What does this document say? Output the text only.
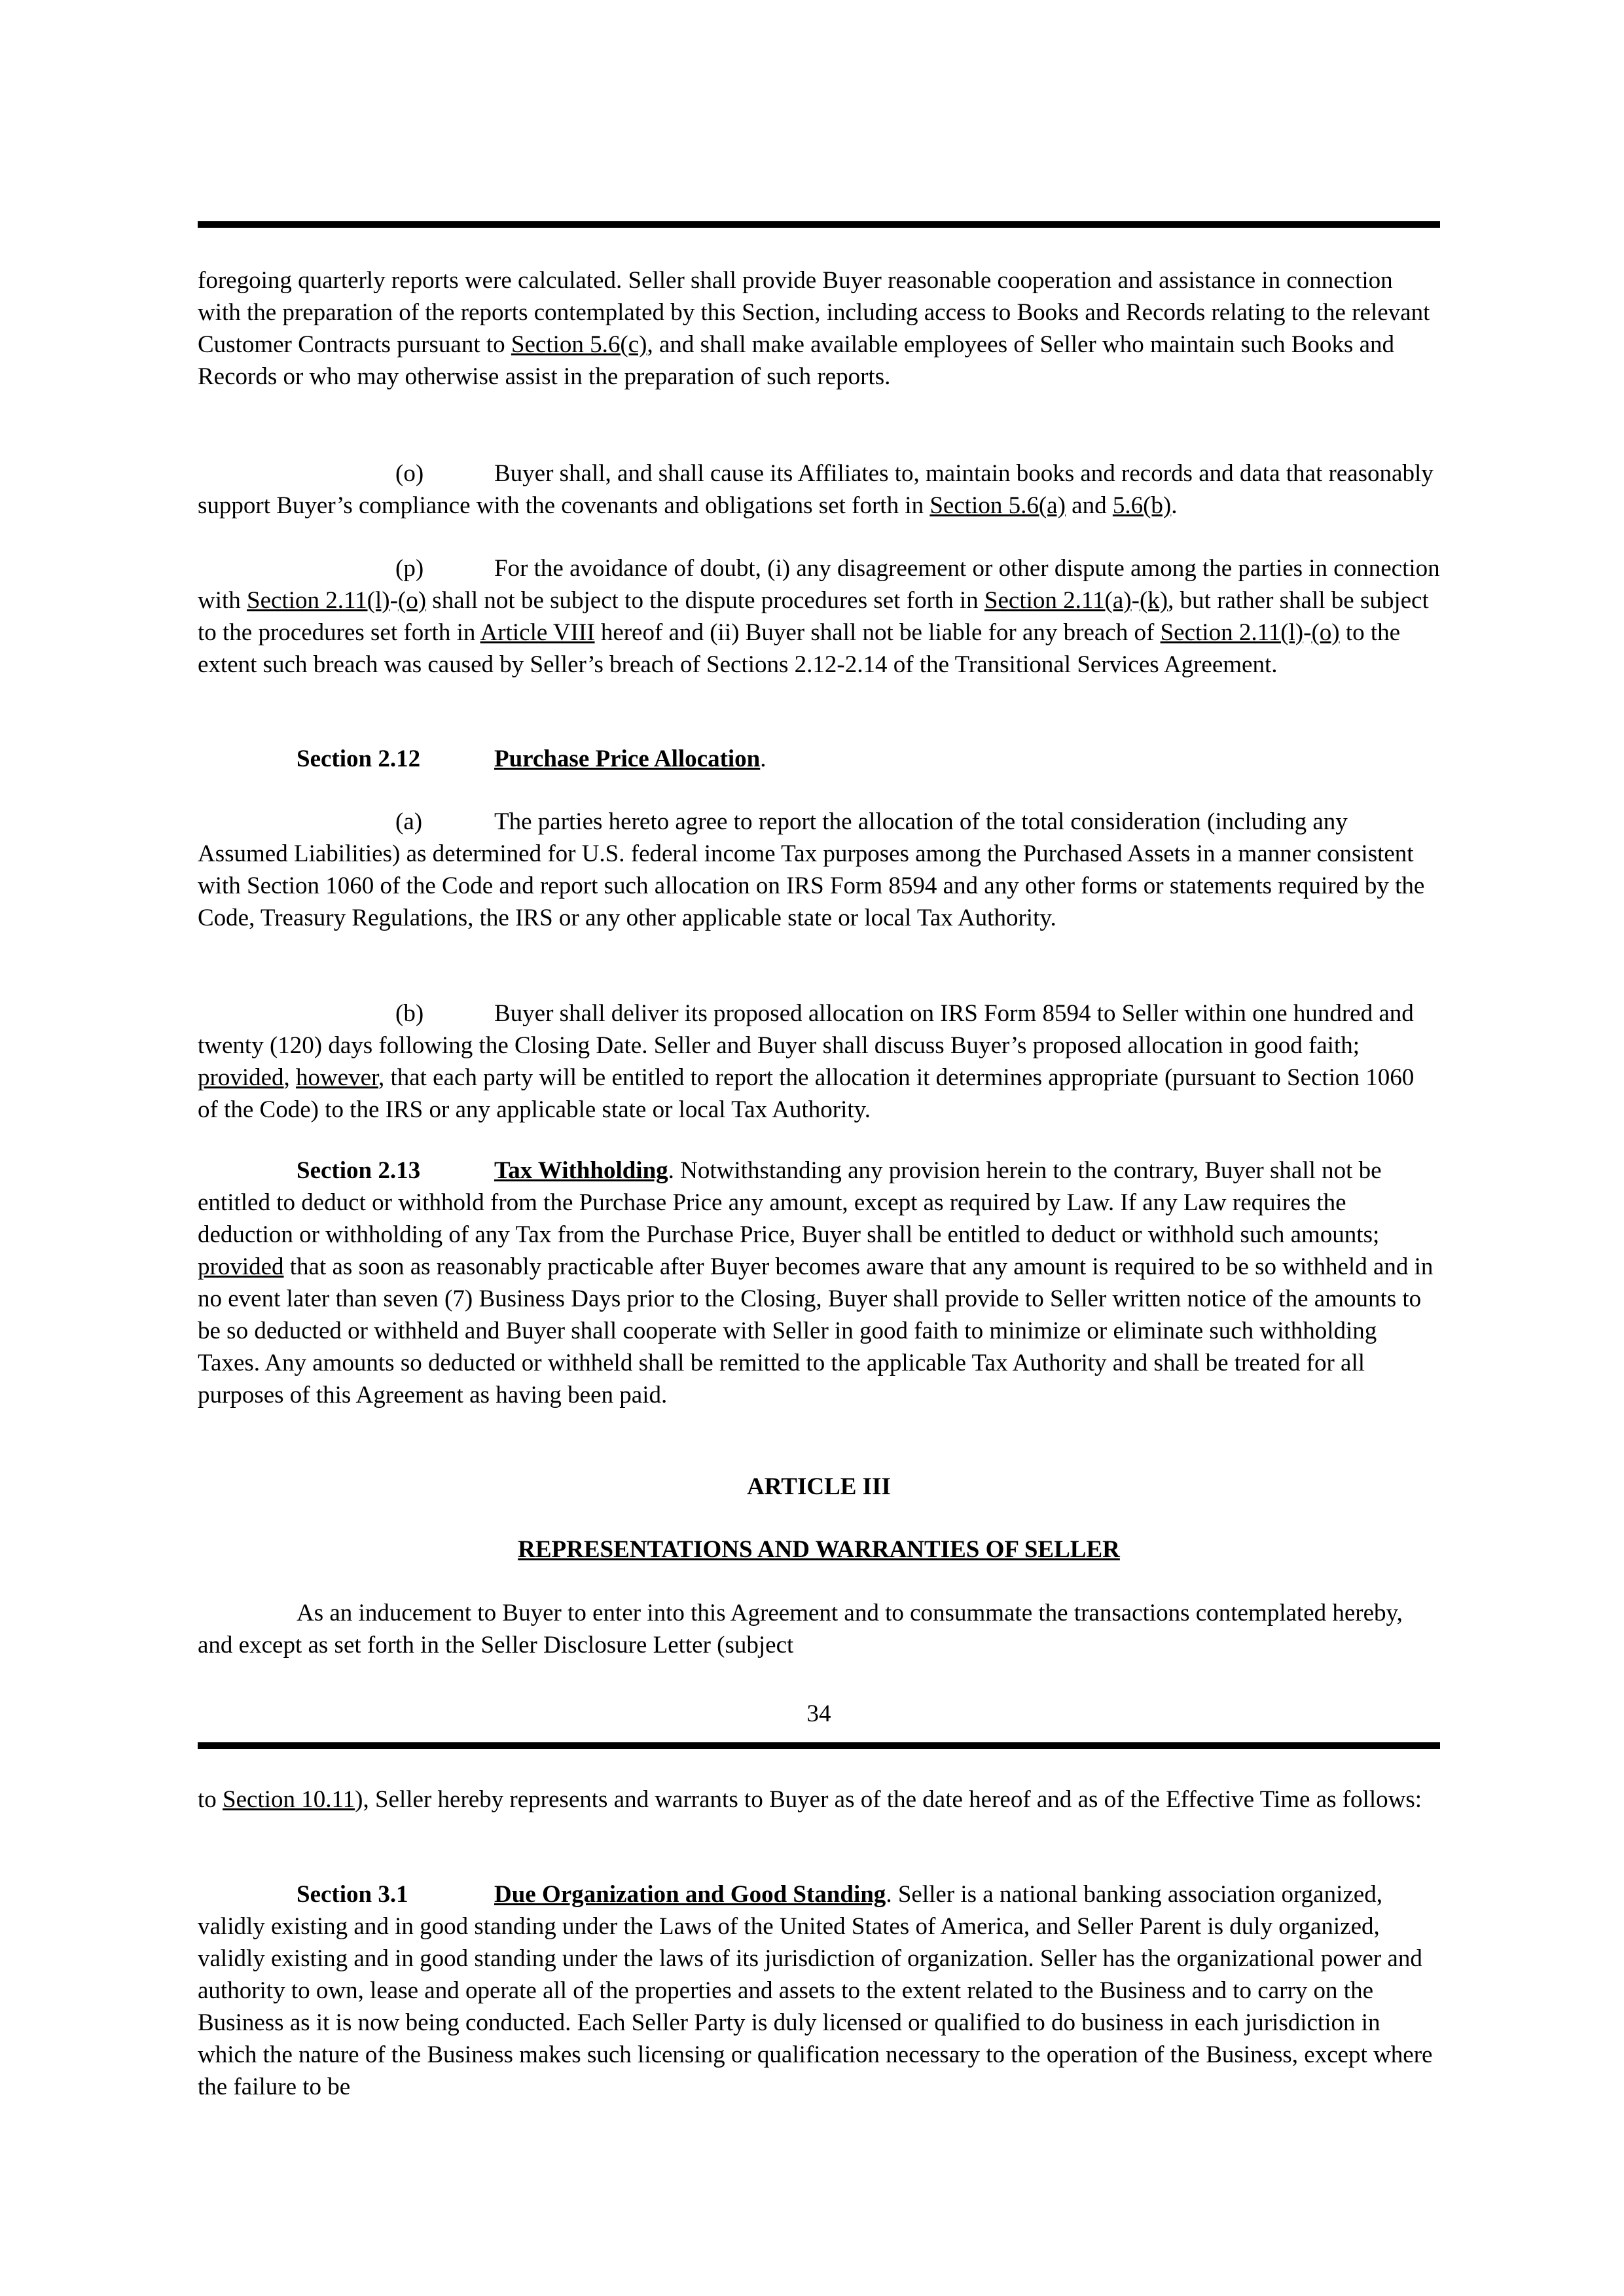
foregoing quarterly reports were calculated. Seller shall provide Buyer reasonable cooperation and assistance in connection with the preparation of the reports contemplated by this Section, including access to Books and Records relating to the relevant Customer Contracts pursuant to Section 5.6(c), and shall make available employees of Seller who maintain such Books and Records or who may otherwise assist in the preparation of such reports.

(o)	Buyer shall, and shall cause its Affiliates to, maintain books and records and data that reasonably support Buyer’s compliance with the covenants and obligations set forth in Section 5.6(a) and 5.6(b).

(p)	For the avoidance of doubt, (i) any disagreement or other dispute among the parties in connection with Section 2.11(l)-(o) shall not be subject to the dispute procedures set forth in Section 2.11(a)-(k), but rather shall be subject to the procedures set forth in Article VIII hereof and (ii) Buyer shall not be liable for any breach of Section 2.11(l)-(o) to the extent such breach was caused by Seller’s breach of Sections 2.12-2.14 of the Transitional Services Agreement.

Section 2.12	Purchase Price Allocation.

(a)	The parties hereto agree to report the allocation of the total consideration (including any Assumed Liabilities) as determined for U.S. federal income Tax purposes among the Purchased Assets in a manner consistent with Section 1060 of the Code and report such allocation on IRS Form 8594 and any other forms or statements required by the Code, Treasury Regulations, the IRS or any other applicable state or local Tax Authority.

(b)	Buyer shall deliver its proposed allocation on IRS Form 8594 to Seller within one hundred and twenty (120) days following the Closing Date. Seller and Buyer shall discuss Buyer’s proposed allocation in good faith; provided, however, that each party will be entitled to report the allocation it determines appropriate (pursuant to Section 1060 of the Code) to the IRS or any applicable state or local Tax Authority.

Section 2.13	Tax Withholding. Notwithstanding any provision herein to the contrary, Buyer shall not be entitled to deduct or withhold from the Purchase Price any amount, except as required by Law. If any Law requires the deduction or withholding of any Tax from the Purchase Price, Buyer shall be entitled to deduct or withhold such amounts; provided that as soon as reasonably practicable after Buyer becomes aware that any amount is required to be so withheld and in no event later than seven (7) Business Days prior to the Closing, Buyer shall provide to Seller written notice of the amounts to be so deducted or withheld and Buyer shall cooperate with Seller in good faith to minimize or eliminate such withholding Taxes. Any amounts so deducted or withheld shall be remitted to the applicable Tax Authority and shall be treated for all purposes of this Agreement as having been paid.

ARTICLE III
REPRESENTATIONS AND WARRANTIES OF SELLER

As an inducement to Buyer to enter into this Agreement and to consummate the transactions contemplated hereby, and except as set forth in the Seller Disclosure Letter (subject

34

to Section 10.11), Seller hereby represents and warrants to Buyer as of the date hereof and as of the Effective Time as follows:

Section 3.1	Due Organization and Good Standing. Seller is a national banking association organized, validly existing and in good standing under the Laws of the United States of America, and Seller Parent is duly organized, validly existing and in good standing under the laws of its jurisdiction of organization. Seller has the organizational power and authority to own, lease and operate all of the properties and assets to the extent related to the Business and to carry on the Business as it is now being conducted. Each Seller Party is duly licensed or qualified to do business in each jurisdiction in which the nature of the Business makes such licensing or qualification necessary to the operation of the Business, except where the failure to be
